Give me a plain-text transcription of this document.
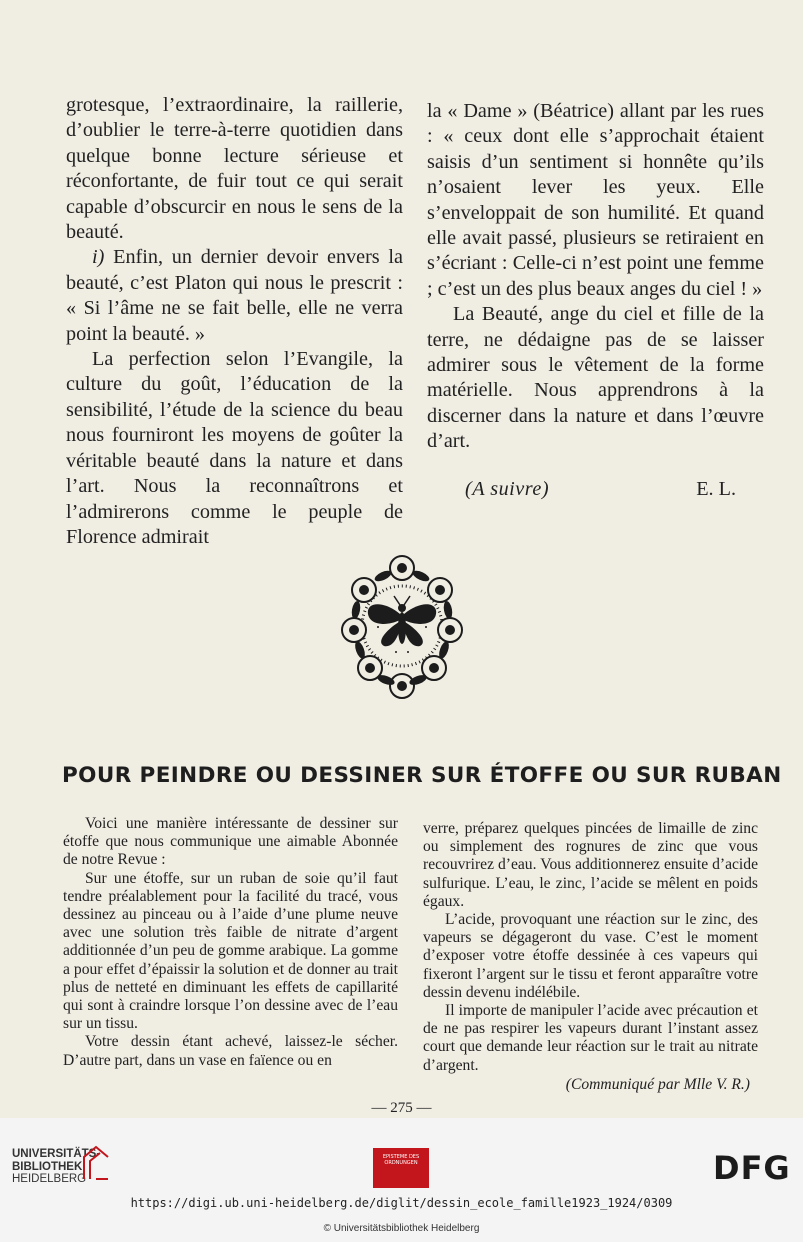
grotesque, l’extraordinaire, la raillerie, d’oublier le terre-à-terre quotidien dans quelque bonne lecture sérieuse et réconfortante, de fuir tout ce qui serait capable d’obscurcir en nous le sens de la beauté.

i) Enfin, un dernier devoir envers la beauté, c’est Platon qui nous le prescrit : « Si l’âme ne se fait belle, elle ne verra point la beauté. »

La perfection selon l’Evangile, la culture du goût, l’éducation de la sensibilité, l’étude de la science du beau nous fourniront les moyens de goûter la véritable beauté dans la nature et dans l’art. Nous la reconnaîtrons et l’admirerons comme le peuple de Florence admirait

la « Dame » (Béatrice) allant par les rues : « ceux dont elle s’approchait étaient saisis d’un sentiment si honnête qu’ils n’osaient lever les yeux. Elle s’enveloppait de son humilité. Et quand elle avait passé, plusieurs se retiraient en s’écriant : Celle-ci n’est point une femme ; c’est un des plus beaux anges du ciel ! »

La Beauté, ange du ciel et fille de la terre, ne dédaigne pas de se laisser admirer sous le vêtement de la forme matérielle. Nous apprendrons à la discerner dans la nature et dans l’œuvre d’art.

(A suivre)	E. L.
POUR PEINDRE OU DESSINER SUR ÉTOFFE OU SUR RUBAN

Voici une manière intéressante de dessiner sur étoffe que nous communique une aimable Abonnée de notre Revue :

Sur une étoffe, sur un ruban de soie qu’il faut tendre préalablement pour la facilité du tracé, vous dessinez au pinceau ou à l’aide d’une plume neuve avec une solution très faible de nitrate d’argent additionnée d’un peu de gomme arabique. La gomme a pour effet d’épaissir la solution et de donner au trait plus de netteté en diminuant les effets de capillarité qui sont à craindre lorsque l’on dessine avec de l’eau sur un tissu.

Votre dessin étant achevé, laissez-le sécher. D’autre part, dans un vase en faïence ou en

verre, préparez quelques pincées de limaille de zinc ou simplement des rognures de zinc que vous recouvrirez d’eau. Vous additionnerez ensuite d’acide sulfurique. L’eau, le zinc, l’acide se mêlent en poids égaux.

L’acide, provoquant une réaction sur le zinc, des vapeurs se dégageront du vase. C’est le moment d’exposer votre étoffe dessinée à ces vapeurs qui fixeront l’argent sur le tissu et feront apparaître votre dessin devenu indélébile.

Il importe de manipuler l’acide avec précaution et de ne pas respirer les vapeurs durant l’instant assez court que demande leur réaction sur le trait au nitrate d’argent.

(Communiqué par Mlle V. R.)

— 275 —
UNIVERSITÄTS-
BIBLIOTHEK
HEIDELBERG
EPISTEME DES ORDNUNGEN	DFG
https://digi.ub.uni-heidelberg.de/diglit/dessin_ecole_famille1923_1924/0309
© Universitätsbibliothek Heidelberg
